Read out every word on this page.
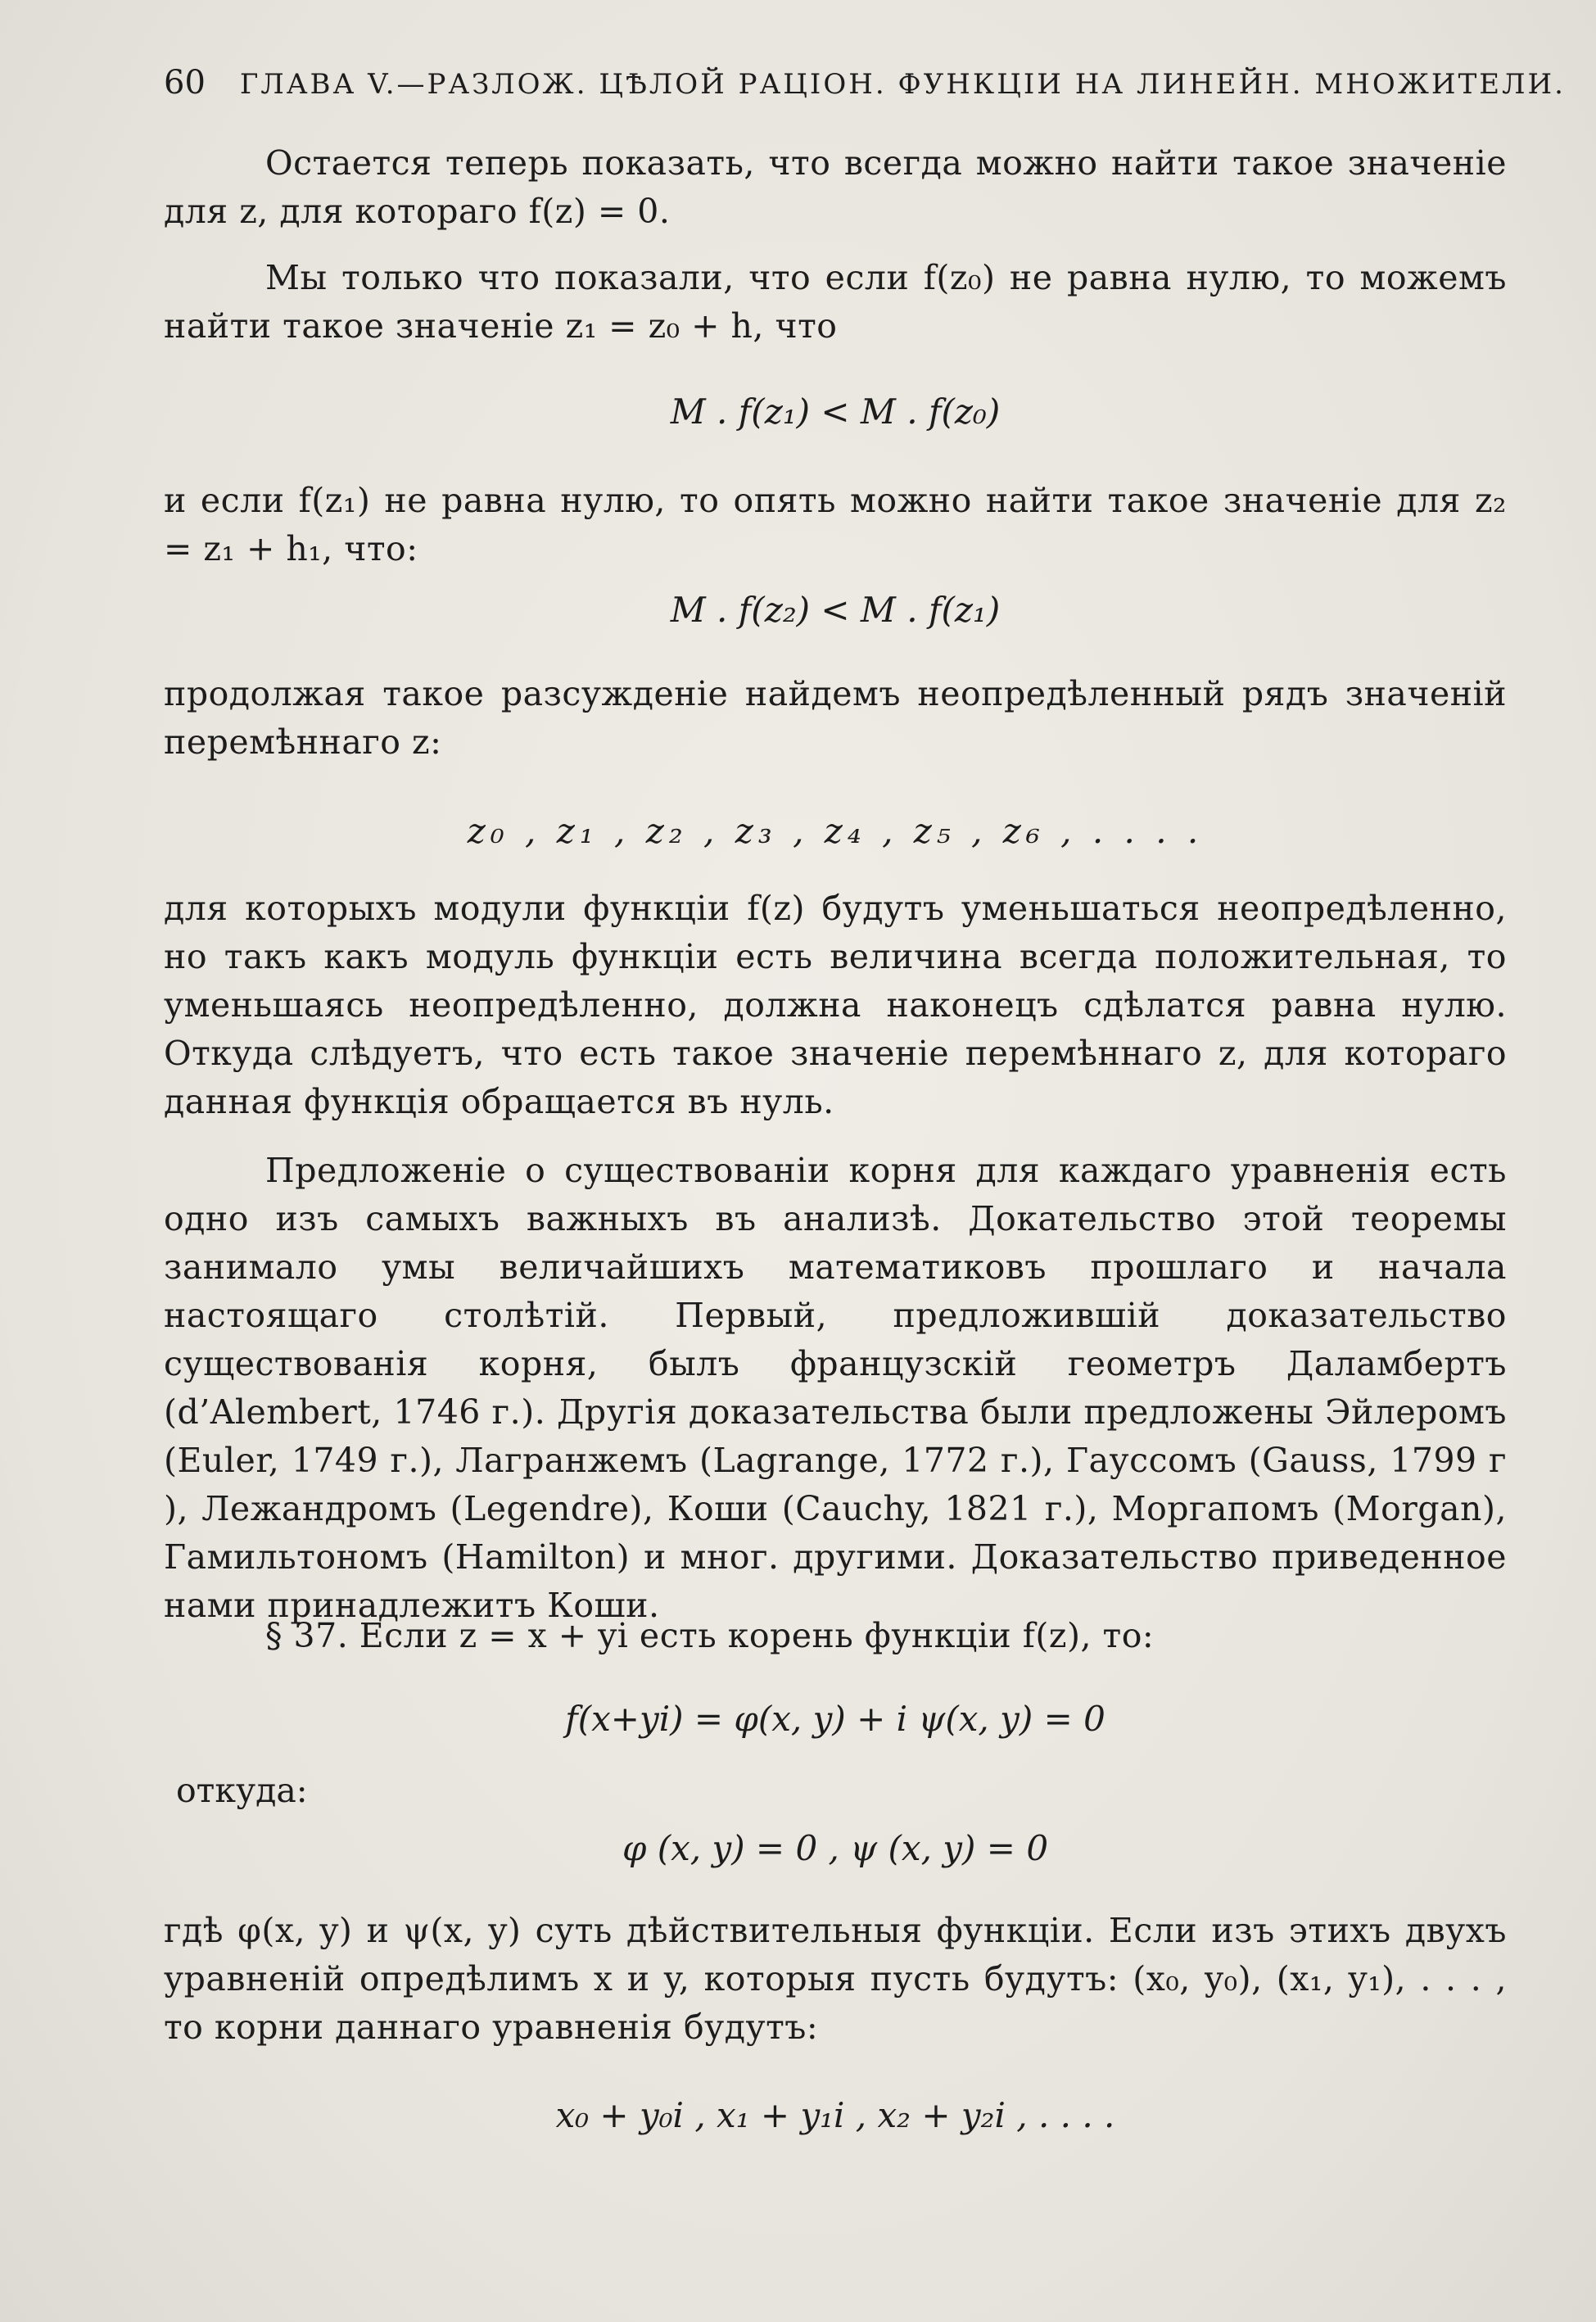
60 ГЛАВА V.—РАЗЛОЖ. ЦѢЛОЙ РАЦІОН. ФУНКЦІИ НА ЛИНЕЙН. МНОЖИТЕЛИ.

Остается теперь показать, что всегда можно найти такое значеніе для z, для котораго f(z) = 0.

Мы только что показали, что если f(z₀) не равна нулю, то можемъ найти такое значеніе z₁ = z₀ + h, что

M . f(z₁) < M . f(z₀)

и если f(z₁) не равна нулю, то опять можно найти такое значеніе для z₂ = z₁ + h₁, что:

M . f(z₂) < M . f(z₁)

продолжая такое разсужденіе найдемъ неопредѣленный рядъ значеній перемѣннаго z:

z₀ , z₁ , z₂ , z₃ , z₄ , z₅ , z₆ , . . . .

для которыхъ модули функціи f(z) будутъ уменьшаться неопредѣленно, но такъ какъ модуль функціи есть величина всегда положительная, то уменьшаясь неопредѣленно, должна наконецъ сдѣлатся равна нулю. Откуда слѣдуетъ, что есть такое значеніе перемѣннаго z, для котораго данная функція обращается въ нуль.

Предложеніе о существованіи корня для каждаго уравненія есть одно изъ самыхъ важныхъ въ анализѣ. Докательство этой теоремы занимало умы величайшихъ математиковъ прошлаго и начала настоящаго столѣтій. Первый, предложившій доказательство существованія корня, былъ французскій геометръ Даламбертъ (d’Alembert, 1746 г.). Другія доказательства были предложены Эйлеромъ (Euler, 1749 г.), Лагранжемъ (Lagrange, 1772 г.), Гауссомъ (Gauss, 1799 г ), Лежандромъ (Legendre), Коши (Cauchy, 1821 г.), Моргапомъ (Morgan), Гамильтономъ (Hamilton) и мног. другими. Доказательство приведенное нами принадлежитъ Коши.

§ 37. Если z = x + yi есть корень функціи f(z), то:

f(x+yi) = φ(x, y) + i ψ(x, y) = 0
откуда:
φ (x, y) = 0 , ψ (x, y) = 0

гдѣ φ(x, y) и ψ(x, y) суть дѣйствительныя функціи. Если изъ этихъ двухъ уравненій опредѣлимъ x и y, которыя пусть будутъ: (x₀, y₀), (x₁, y₁), . . . , то корни даннаго уравненія будутъ:

x₀ + y₀i , x₁ + y₁i , x₂ + y₂i , . . . .
